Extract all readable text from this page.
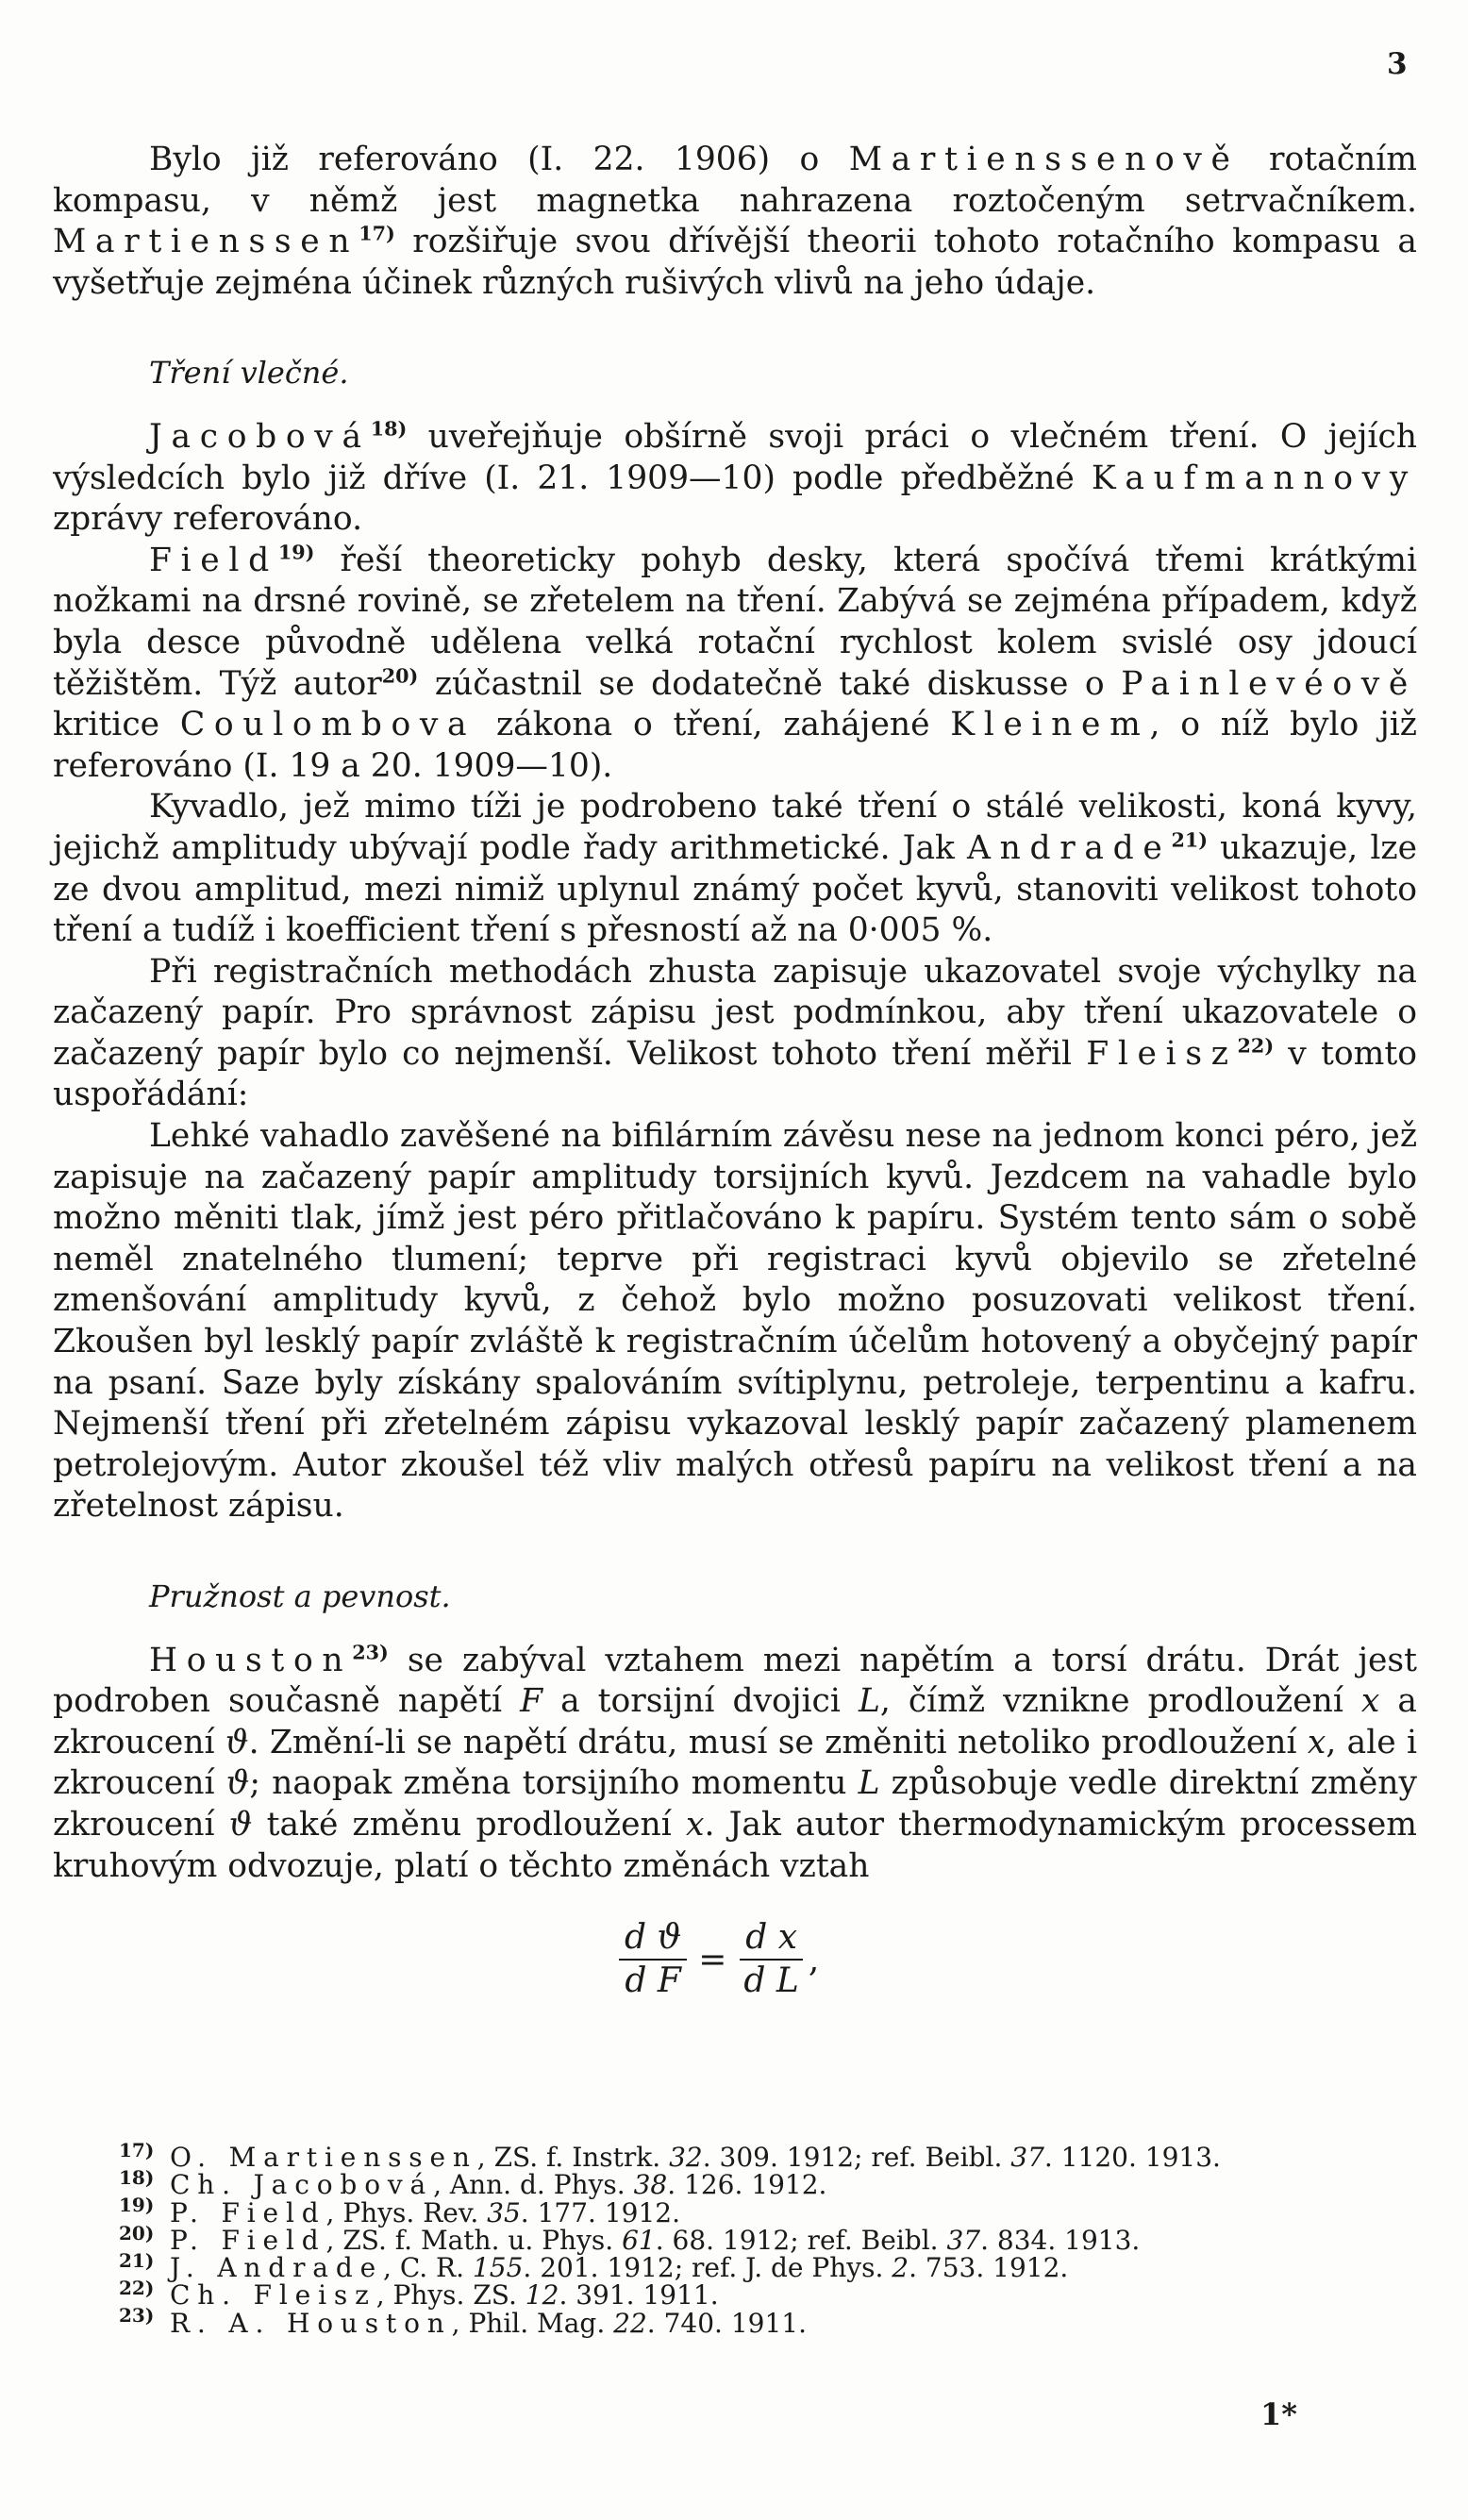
3

Bylo již referováno (I. 22. 1906) o Martienssenově rotačním kompasu, v němž jest magnetka nahrazena roztočeným setrvačníkem. Martienssen$^{17)}$ rozšiřuje svou dřívější theorii tohoto rotačního kompasu a vyšetřuje zejména účinek různých rušivých vlivů na jeho údaje.

Tření vlečné.

Jacobová$^{18)}$ uveřejňuje obšírně svoji práci o vlečném tření. O jejích výsledcích bylo již dříve (I. 21. 1909—10) podle předběžné Kaufmannovy zprávy referováno.

Field$^{19)}$ řeší theoreticky pohyb desky, která spočívá třemi krátkými nožkami na drsné rovině, se zřetelem na tření. Zabývá se zejména případem, když byla desce původně udělena velká rotační rychlost kolem svislé osy jdoucí těžištěm. Týž autor$^{20)}$ zúčastnil se dodatečně také diskusse o Painlevéově kritice Coulombova zákona o tření, zahájené Kleinem, o níž bylo již referováno (I. 19 a 20. 1909—10).

Kyvadlo, jež mimo tíži je podrobeno také tření o stálé velikosti, koná kyvy, jejichž amplitudy ubývají podle řady arithmetické. Jak Andrade$^{21)}$ ukazuje, lze ze dvou amplitud, mezi nimiž uplynul známý počet kyvů, stanoviti velikost tohoto tření a tudíž i koefficient tření s přesností až na 0·005 %.

Při registračních methodách zhusta zapisuje ukazovatel svoje výchylky na začazený papír. Pro správnost zápisu jest podmínkou, aby tření ukazovatele o začazený papír bylo co nejmenší. Velikost tohoto tření měřil Fleisz$^{22)}$ v tomto uspořádání:

Lehké vahadlo zavěšené na bifilárním závěsu nese na jednom konci péro, jež zapisuje na začazený papír amplitudy torsijních kyvů. Jezdcem na vahadle bylo možno měniti tlak, jímž jest péro přitlačováno k papíru. Systém tento sám o sobě neměl znatelného tlumení; teprve při registraci kyvů objevilo se zřetelné zmenšování amplitudy kyvů, z čehož bylo možno posuzovati velikost tření. Zkoušen byl lesklý papír zvláště k registračním účelům hotovený a obyčejný papír na psaní. Saze byly získány spalováním svítiplynu, petroleje, terpentinu a kafru. Nejmenší tření při zřetelném zápisu vykazoval lesklý papír začazený plamenem petrolejovým. Autor zkoušel též vliv malých otřesů papíru na velikost tření a na zřetelnost zápisu.

Pružnost a pevnost.

Houston$^{23)}$ se zabýval vztahem mezi napětím a torsí drátu. Drát jest podroben současně napětí F a torsijní dvojici L, čímž vznikne prodloužení x a zkroucení ϑ. Změní-li se napětí drátu, musí se změniti netoliko prodloužení x, ale i zkroucení ϑ; naopak změna torsijního momentu L způsobuje vedle direktní změny zkroucení ϑ také změnu prodloužení x. Jak autor thermodynamickým processem kruhovým odvozuje, platí o těchto změnách vztah

$\frac{\text{d ϑ}}{\text{d F}} = \frac{\text{d x}}{\text{d L}}$ ,
17) O. Martienssen, ZS. f. Instrk. 32. 309. 1912; ref. Beibl. 37. 1120. 1913.
18) Ch. Jacobová, Ann. d. Phys. 38. 126. 1912.
19) P. Field, Phys. Rev. 35. 177. 1912.
20) P. Field, ZS. f. Math. u. Phys. 61. 68. 1912; ref. Beibl. 37. 834. 1913.
21) J. Andrade, C. R. 155. 201. 1912; ref. J. de Phys. 2. 753. 1912.
22) Ch. Fleisz, Phys. ZS. 12. 391. 1911.
23) R. A. Houston, Phil. Mag. 22. 740. 1911.
1*
